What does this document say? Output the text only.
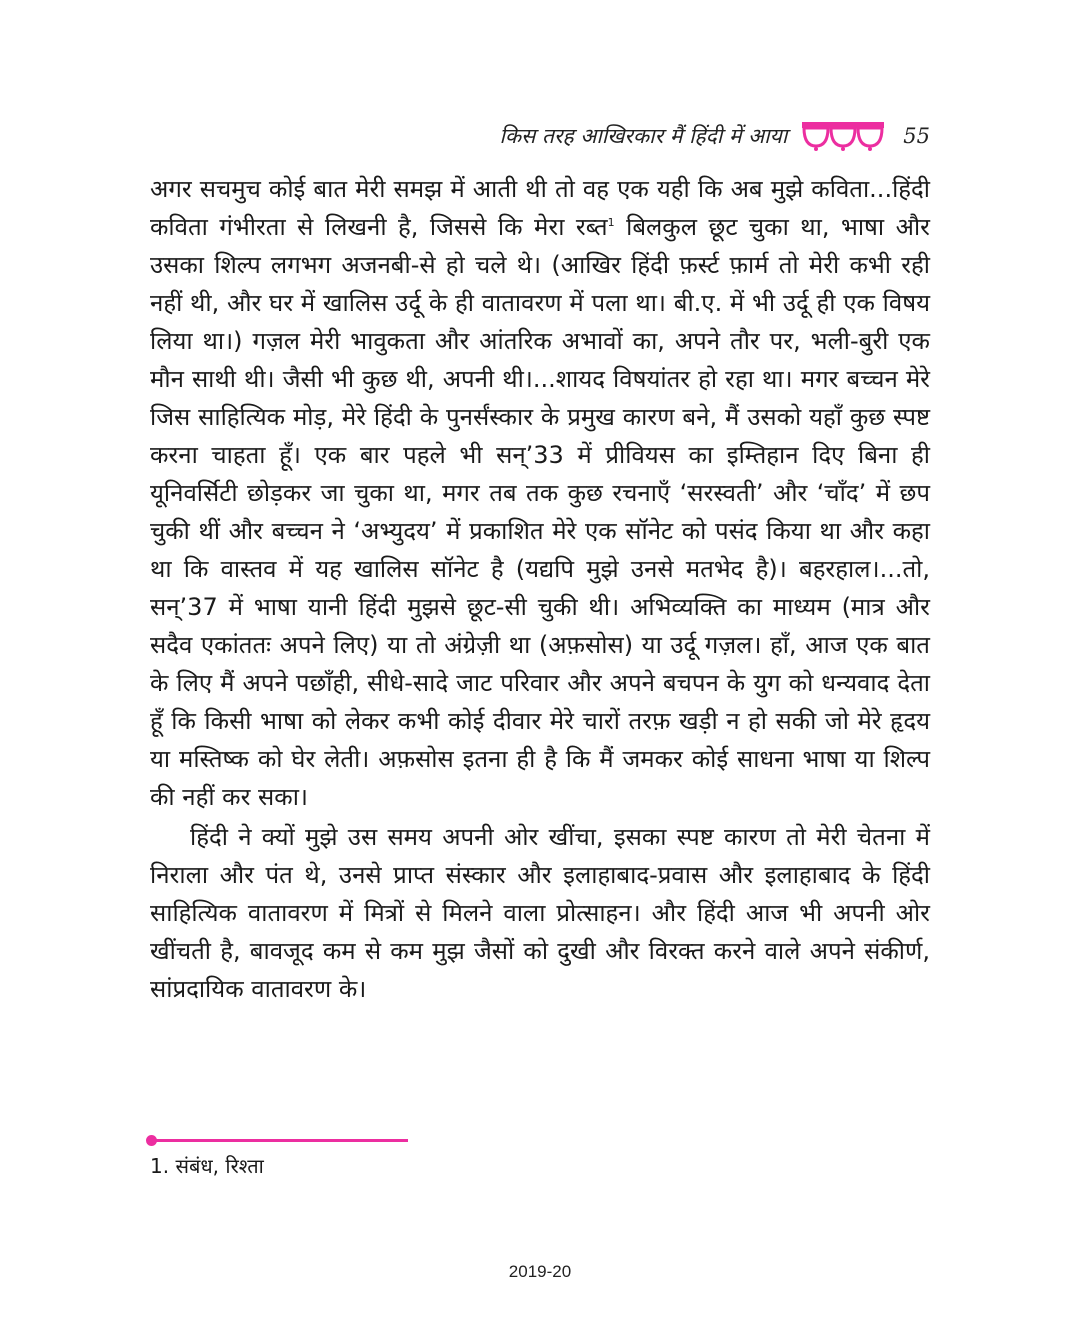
किस तरह आखिरकार मैं हिंदी में आया	55

अगर सचमुच कोई बात मेरी समझ में आती थी तो वह एक यही कि अब मुझे कविता...हिंदी कविता गंभीरता से लिखनी है, जिससे कि मेरा रब्त$^1$ बिलकुल छूट चुका था, भाषा और उसका शिल्प लगभग अजनबी-से हो चले थे। (आखिर हिंदी फ़र्स्ट फ़ार्म तो मेरी कभी रही नहीं थी, और घर में खालिस उर्दू के ही वातावरण में पला था। बी.ए. में भी उर्दू ही एक विषय लिया था।) गज़ल मेरी भावुकता और आंतरिक अभावों का, अपने तौर पर, भली-बुरी एक मौन साथी थी। जैसी भी कुछ थी, अपनी थी।...शायद विषयांतर हो रहा था। मगर बच्चन मेरे जिस साहित्यिक मोड़, मेरे हिंदी के पुनर्संस्कार के प्रमुख कारण बने, मैं उसको यहाँ कुछ स्पष्ट करना चाहता हूँ। एक बार पहले भी सन्’33 में प्रीवियस का इम्तिहान दिए बिना ही यूनिवर्सिटी छोड़कर जा चुका था, मगर तब तक कुछ रचनाएँ ‘सरस्वती’ और ‘चाँद’ में छप चुकी थीं और बच्चन ने ‘अभ्युदय’ में प्रकाशित मेरे एक सॉनेट को पसंद किया था और कहा था कि वास्तव में यह खालिस सॉनेट है (यद्यपि मुझे उनसे मतभेद है)। बहरहाल।...तो, सन्’37 में भाषा यानी हिंदी मुझसे छूट-सी चुकी थी। अभिव्यक्ति का माध्यम (मात्र और सदैव एकांततः अपने लिए) या तो अंग्रेज़ी था (अफ़सोस) या उर्दू गज़ल। हाँ, आज एक बात के लिए मैं अपने पछाँही, सीधे-सादे जाट परिवार और अपने बचपन के युग को धन्यवाद देता हूँ कि किसी भाषा को लेकर कभी कोई दीवार मेरे चारों तरफ़ खड़ी न हो सकी जो मेरे हृदय या मस्तिष्क को घेर लेती। अफ़सोस इतना ही है कि मैं जमकर कोई साधना भाषा या शिल्प की नहीं कर सका।

हिंदी ने क्यों मुझे उस समय अपनी ओर खींचा, इसका स्पष्ट कारण तो मेरी चेतना में निराला और पंत थे, उनसे प्राप्त संस्कार और इलाहाबाद-प्रवास और इलाहाबाद के हिंदी साहित्यिक वातावरण में मित्रों से मिलने वाला प्रोत्साहन। और हिंदी आज भी अपनी ओर खींचती है, बावजूद कम से कम मुझ जैसों को दुखी और विरक्त करने वाले अपने संकीर्ण, सांप्रदायिक वातावरण के।

1. संबंध, रिश्ता
2019-20
